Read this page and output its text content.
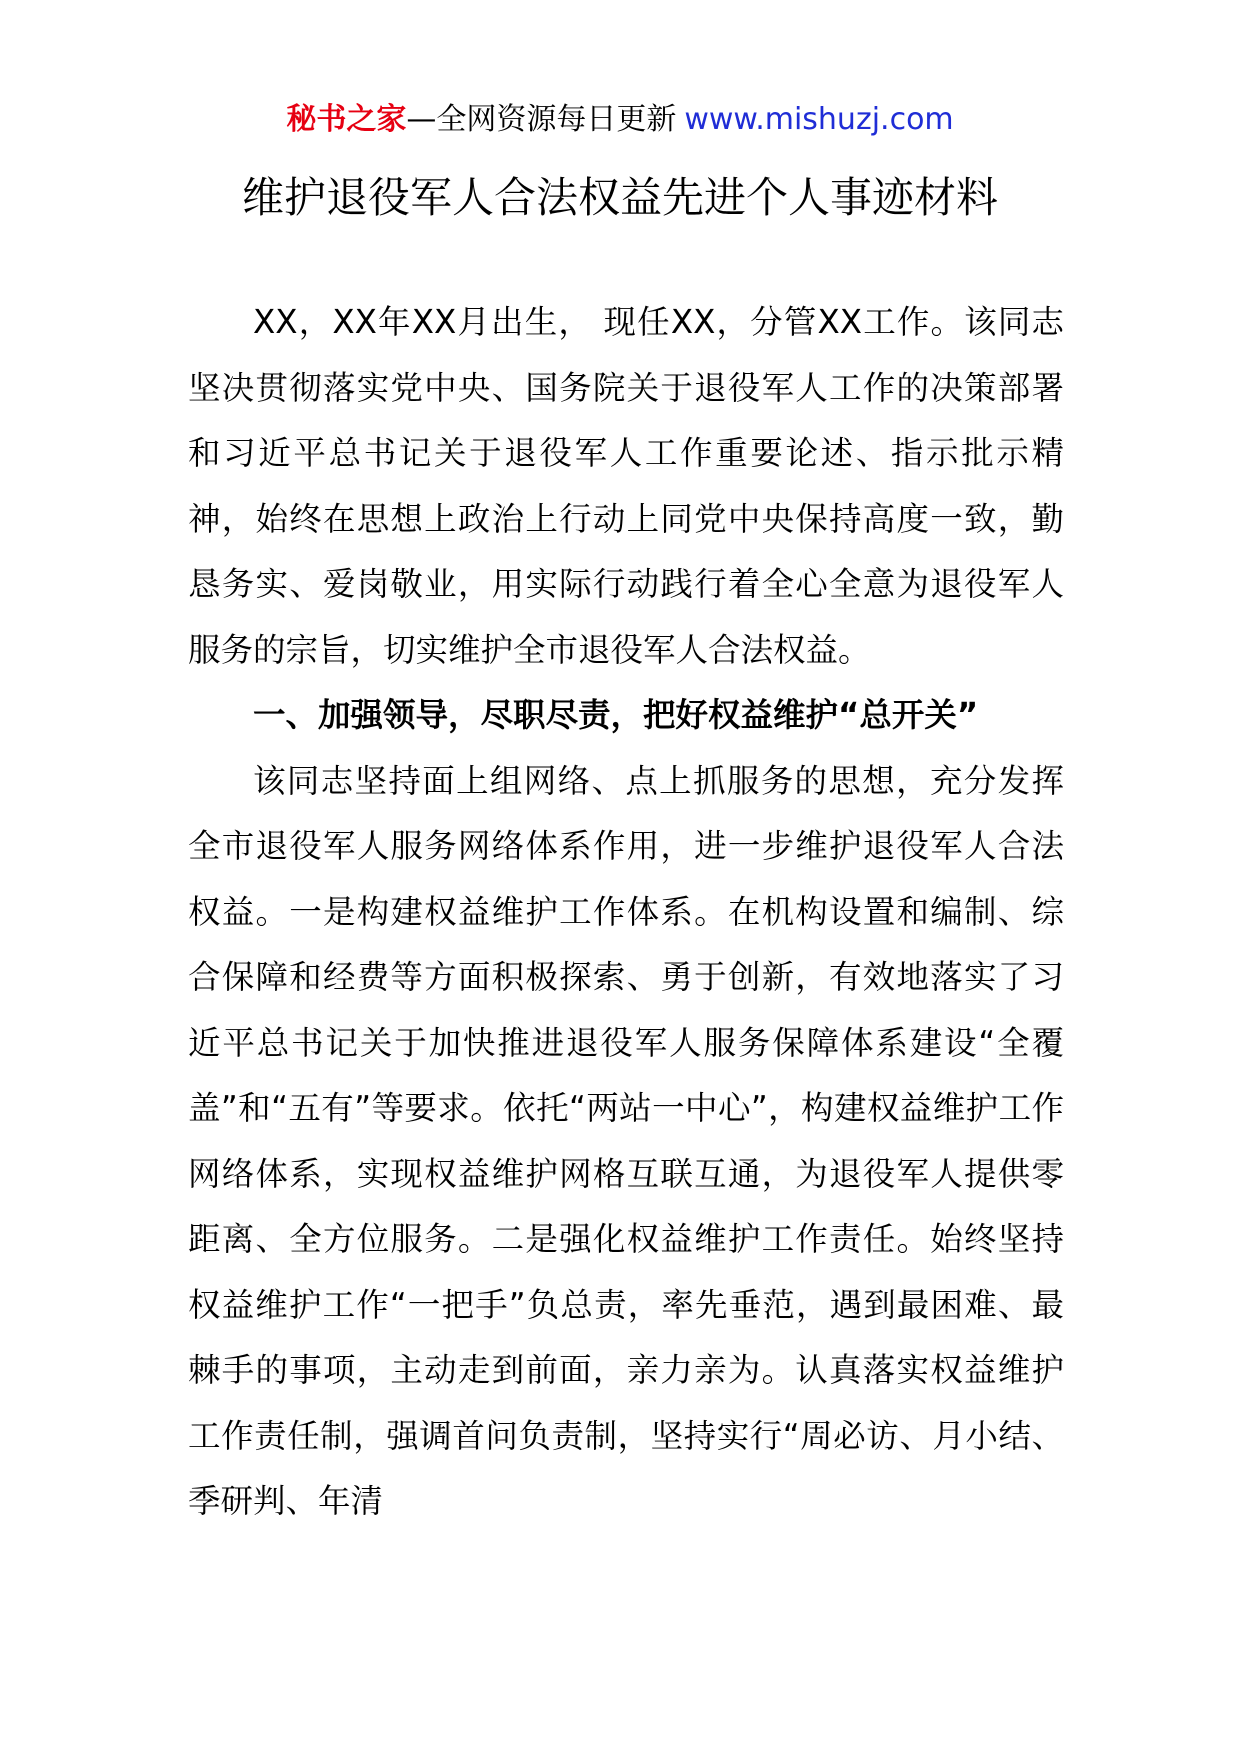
秘书之家—全网资源每日更新 www.mishuzj.com
维护退役军人合法权益先进个人事迹材料

XX，XX年XX月出生， 现任XX，分管XX工作。该同志坚决贯彻落实党中央、国务院关于退役军人工作的决策部署和习近平总书记关于退役军人工作重要论述、指示批示精神，始终在思想上政治上行动上同党中央保持高度一致，勤恳务实、爱岗敬业，用实际行动践行着全心全意为退役军人服务的宗旨，切实维护全市退役军人合法权益。

一、加强领导，尽职尽责，把好权益维护“总开关”

该同志坚持面上组网络、点上抓服务的思想，充分发挥全市退役军人服务网络体系作用，进一步维护退役军人合法权益。一是构建权益维护工作体系。在机构设置和编制、综合保障和经费等方面积极探索、勇于创新，有效地落实了习近平总书记关于加快推进退役军人服务保障体系建设“全覆盖”和“五有”等要求。依托“两站一中心”，构建权益维护工作网络体系，实现权益维护网格互联互通，为退役军人提供零距离、全方位服务。二是强化权益维护工作责任。始终坚持权益维护工作“一把手”负总责，率先垂范，遇到最困难、最棘手的事项，主动走到前面，亲力亲为。认真落实权益维护工作责任制，强调首问负责制，坚持实行“周必访、月小结、季研判、年清
